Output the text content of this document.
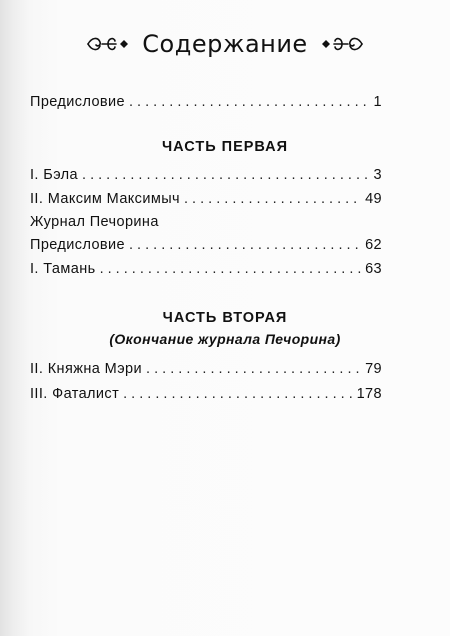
Содержание
Предисловие . . .	1
I. Бэла . . .	3
II. Максим Максимыч . . .	49
Журнал Печорина
Предисловие . . .	62
I. Тамань . . .	63
II. Княжна Мэри . . .	79
III. Фаталист . . .	178
ЧАСТЬ ПЕРВАЯ
ЧАСТЬ ВТОРАЯ
(Окончание журнала Печорина)
